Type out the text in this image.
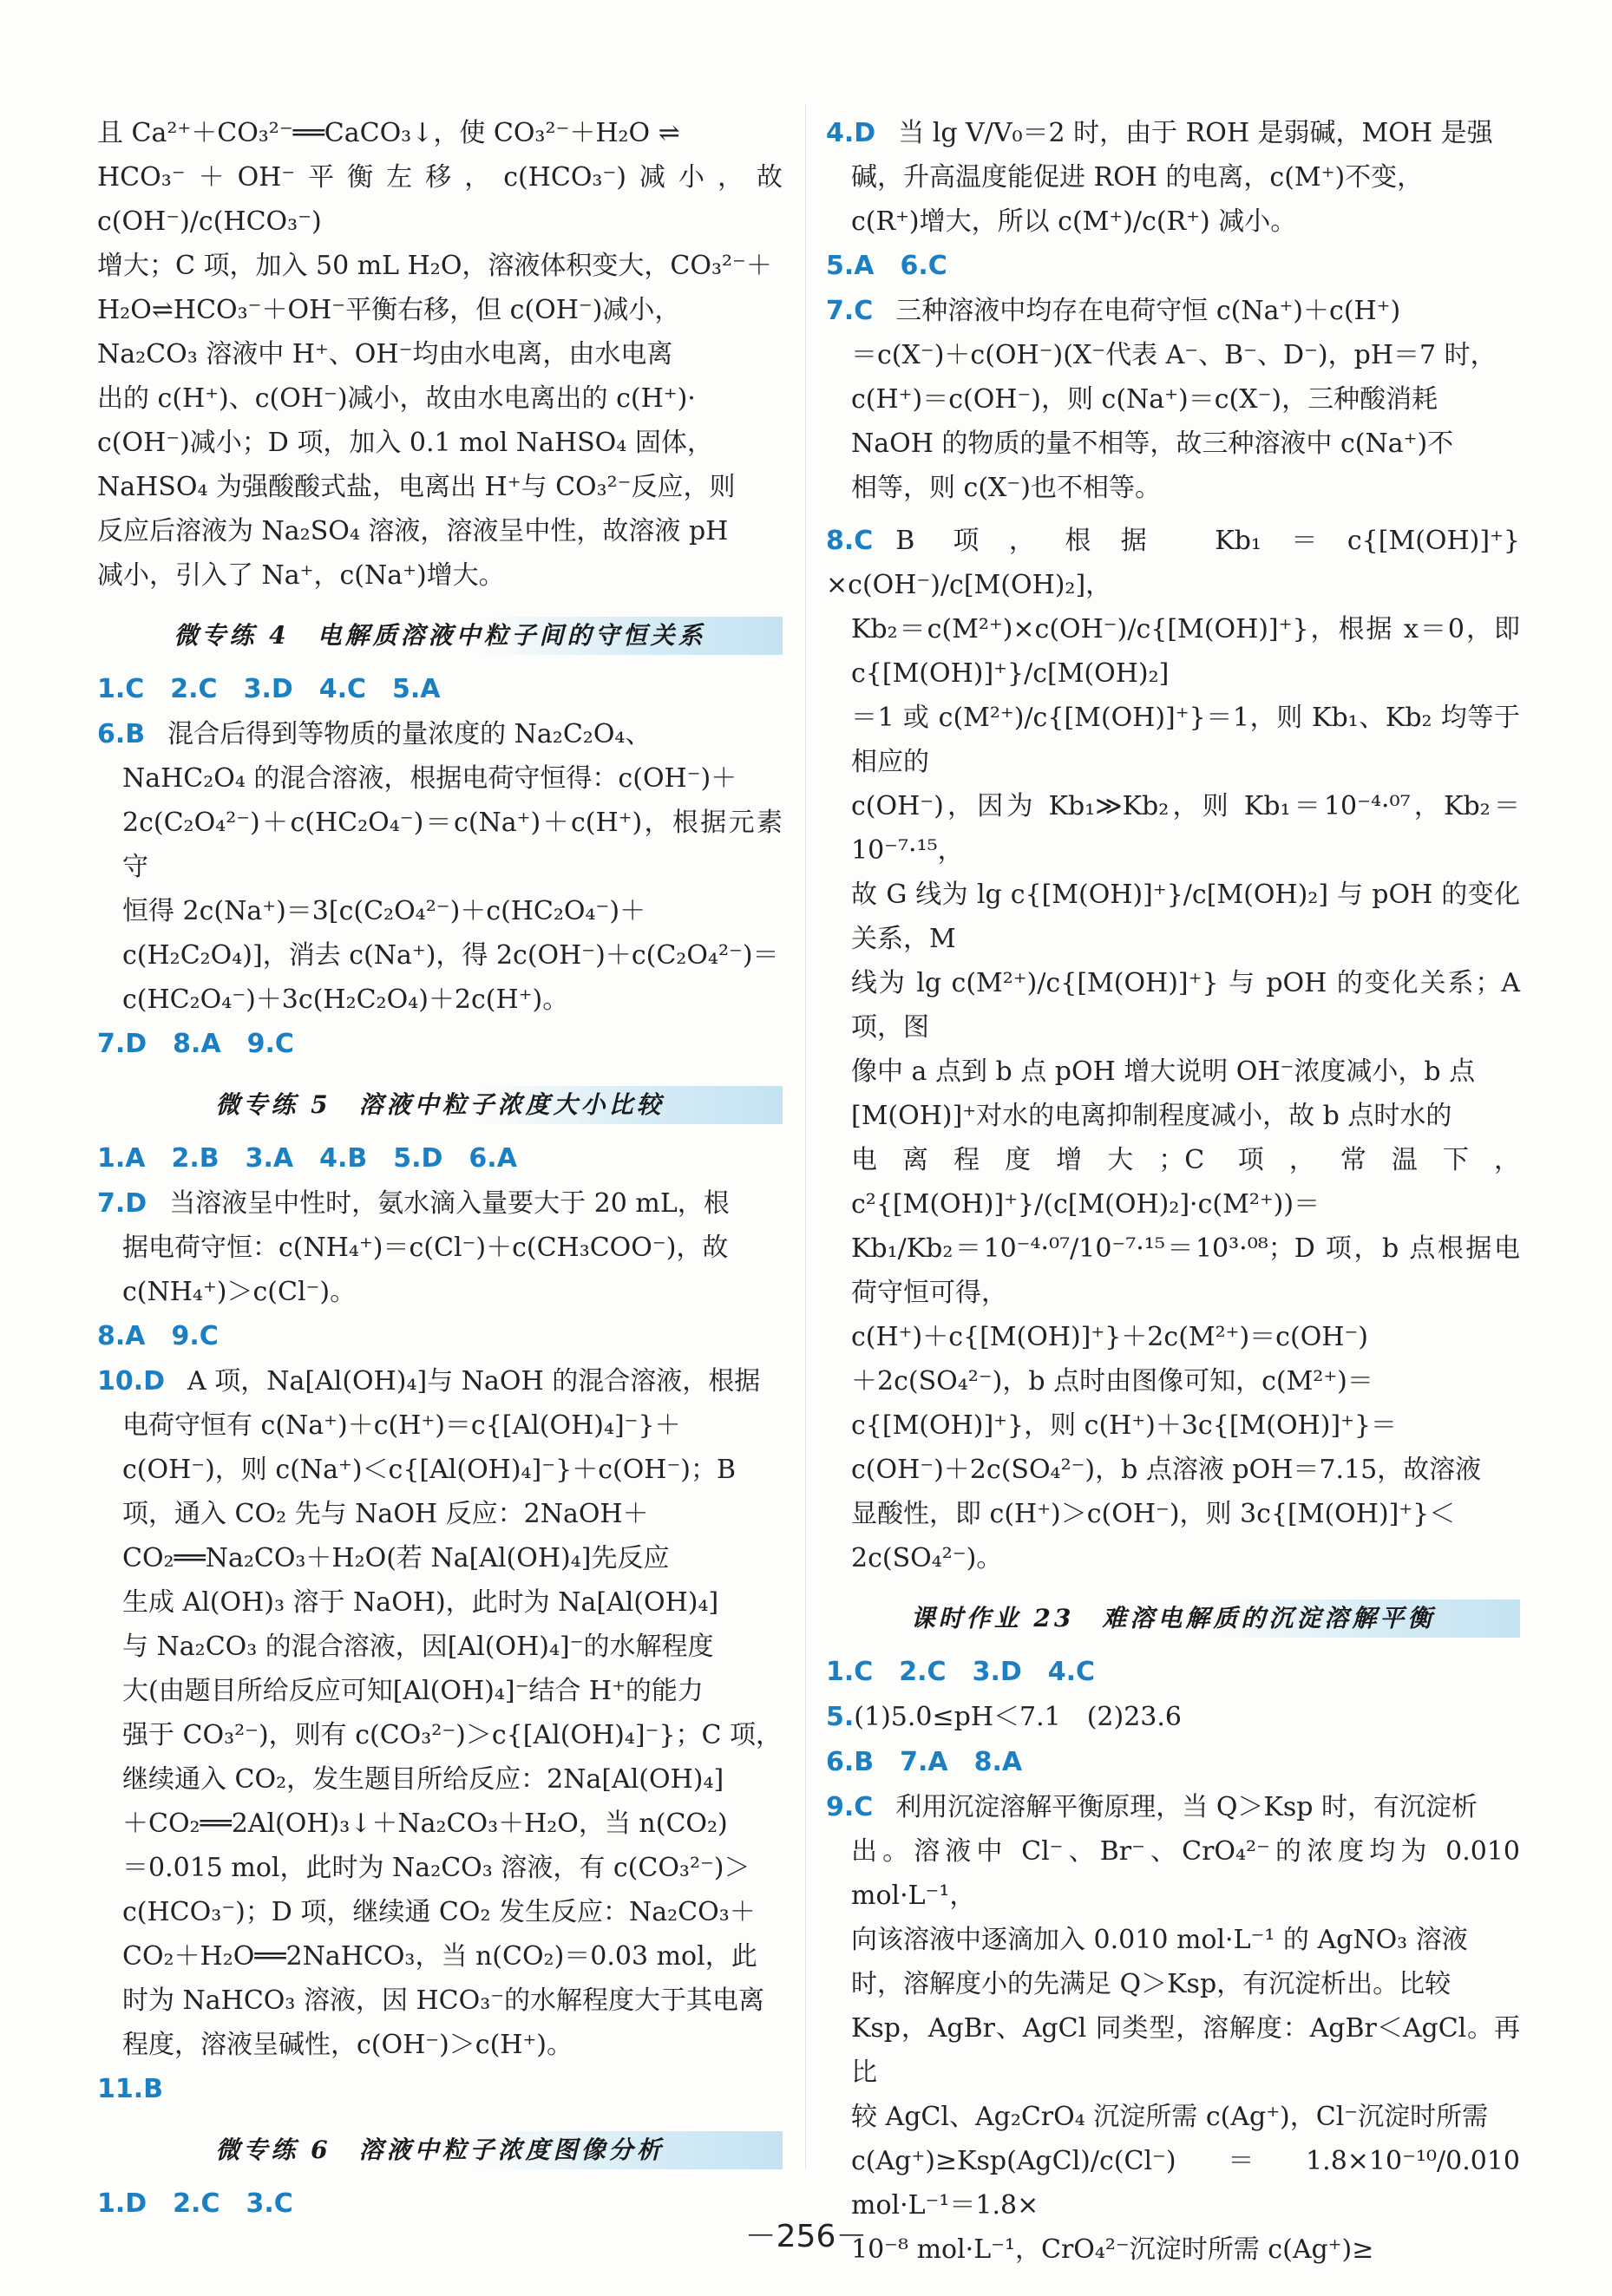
且 Ca²⁺＋CO₃²⁻══CaCO₃↓，使 CO₃²⁻＋H₂O ⇌

HCO₃⁻＋OH⁻平衡左移，c(HCO₃⁻)减小，故 c(OH⁻)/c(HCO₃⁻)

增大；C 项，加入 50 mL H₂O，溶液体积变大，CO₃²⁻＋

H₂O⇌HCO₃⁻＋OH⁻平衡右移，但 c(OH⁻)减小，

Na₂CO₃ 溶液中 H⁺、OH⁻均由水电离，由水电离

出的 c(H⁺)、c(OH⁻)减小，故由水电离出的 c(H⁺)·

c(OH⁻)减小；D 项，加入 0.1 mol NaHSO₄ 固体，

NaHSO₄ 为强酸酸式盐，电离出 H⁺与 CO₃²⁻反应，则

反应后溶液为 Na₂SO₄ 溶液，溶液呈中性，故溶液 pH

减小，引入了 Na⁺，c(Na⁺)增大。

微专练 4　电解质溶液中粒子间的守恒关系
1.C　2.C　3.D　4.C　5.A

6.B 混合后得到等物质的量浓度的 Na₂C₂O₄、

NaHC₂O₄ 的混合溶液，根据电荷守恒得：c(OH⁻)＋

2c(C₂O₄²⁻)＋c(HC₂O₄⁻)＝c(Na⁺)＋c(H⁺)，根据元素守

恒得 2c(Na⁺)＝3[c(C₂O₄²⁻)＋c(HC₂O₄⁻)＋

c(H₂C₂O₄)]，消去 c(Na⁺)，得 2c(OH⁻)＋c(C₂O₄²⁻)＝

c(HC₂O₄⁻)＋3c(H₂C₂O₄)＋2c(H⁺)。

7.D　8.A　9.C
微专练 5　溶液中粒子浓度大小比较
1.A　2.B　3.A　4.B　5.D　6.A

7.D 当溶液呈中性时，氨水滴入量要大于 20 mL，根

据电荷守恒：c(NH₄⁺)＝c(Cl⁻)＋c(CH₃COO⁻)，故

c(NH₄⁺)＞c(Cl⁻)。

8.A　9.C

10.D A 项，Na[Al(OH)₄]与 NaOH 的混合溶液，根据

电荷守恒有 c(Na⁺)＋c(H⁺)＝c{[Al(OH)₄]⁻}＋

c(OH⁻)，则 c(Na⁺)＜c{[Al(OH)₄]⁻}＋c(OH⁻)；B

项，通入 CO₂ 先与 NaOH 反应：2NaOH＋

CO₂══Na₂CO₃＋H₂O(若 Na[Al(OH)₄]先反应

生成 Al(OH)₃ 溶于 NaOH)，此时为 Na[Al(OH)₄]

与 Na₂CO₃ 的混合溶液，因[Al(OH)₄]⁻的水解程度

大(由题目所给反应可知[Al(OH)₄]⁻结合 H⁺的能力

强于 CO₃²⁻)，则有 c(CO₃²⁻)＞c{[Al(OH)₄]⁻}；C 项，

继续通入 CO₂，发生题目所给反应：2Na[Al(OH)₄]

＋CO₂══2Al(OH)₃↓＋Na₂CO₃＋H₂O，当 n(CO₂)

＝0.015 mol，此时为 Na₂CO₃ 溶液，有 c(CO₃²⁻)＞

c(HCO₃⁻)；D 项，继续通 CO₂ 发生反应：Na₂CO₃＋

CO₂＋H₂O══2NaHCO₃，当 n(CO₂)＝0.03 mol，此

时为 NaHCO₃ 溶液，因 HCO₃⁻的水解程度大于其电离

程度，溶液呈碱性，c(OH⁻)＞c(H⁺)。

11.B
微专练 6　溶液中粒子浓度图像分析
1.D　2.C　3.C

4.D 当 lg V/V₀＝2 时，由于 ROH 是弱碱，MOH 是强

碱，升高温度能促进 ROH 的电离，c(M⁺)不变，

c(R⁺)增大，所以 c(M⁺)/c(R⁺) 减小。

5.A　6.C

7.C 三种溶液中均存在电荷守恒 c(Na⁺)＋c(H⁺)

＝c(X⁻)＋c(OH⁻)(X⁻代表 A⁻、B⁻、D⁻)，pH＝7 时，

c(H⁺)＝c(OH⁻)，则 c(Na⁺)＝c(X⁻)，三种酸消耗

NaOH 的物质的量不相等，故三种溶液中 c(Na⁺)不

相等，则 c(X⁻)也不相等。

8.C B 项，根据 Kb₁＝c{[M(OH)]⁺}×c(OH⁻)/c[M(OH)₂]，

Kb₂＝c(M²⁺)×c(OH⁻)/c{[M(OH)]⁺}，根据 x＝0，即 c{[M(OH)]⁺}/c[M(OH)₂]

＝1 或 c(M²⁺)/c{[M(OH)]⁺}＝1，则 Kb₁、Kb₂ 均等于相应的

c(OH⁻)，因为 Kb₁≫Kb₂，则 Kb₁＝10⁻⁴·⁰⁷，Kb₂＝10⁻⁷·¹⁵，

故 G 线为 lg c{[M(OH)]⁺}/c[M(OH)₂] 与 pOH 的变化关系，M

线为 lg c(M²⁺)/c{[M(OH)]⁺} 与 pOH 的变化关系；A 项，图

像中 a 点到 b 点 pOH 增大说明 OH⁻浓度减小，b 点

[M(OH)]⁺对水的电离抑制程度减小，故 b 点时水的

电离程度增大；C 项，常温下，c²{[M(OH)]⁺}/(c[M(OH)₂]·c(M²⁺))＝

Kb₁/Kb₂＝10⁻⁴·⁰⁷/10⁻⁷·¹⁵＝10³·⁰⁸；D 项，b 点根据电荷守恒可得，

c(H⁺)＋c{[M(OH)]⁺}＋2c(M²⁺)＝c(OH⁻)

＋2c(SO₄²⁻)，b 点时由图像可知，c(M²⁺)＝

c{[M(OH)]⁺}，则 c(H⁺)＋3c{[M(OH)]⁺}＝

c(OH⁻)＋2c(SO₄²⁻)，b 点溶液 pOH＝7.15，故溶液

显酸性，即 c(H⁺)＞c(OH⁻)，则 3c{[M(OH)]⁺}＜

2c(SO₄²⁻)。

课时作业 23　难溶电解质的沉淀溶解平衡
1.C　2.C　3.D　4.C
5.(1)5.0≤pH＜7.1　(2)23.6
6.B　7.A　8.A

9.C 利用沉淀溶解平衡原理，当 Q＞Ksp 时，有沉淀析

出。溶液中 Cl⁻、Br⁻、CrO₄²⁻的浓度均为 0.010 mol·L⁻¹，

向该溶液中逐滴加入 0.010 mol·L⁻¹ 的 AgNO₃ 溶液

时，溶解度小的先满足 Q＞Ksp，有沉淀析出。比较

Ksp，AgBr、AgCl 同类型，溶解度：AgBr＜AgCl。再比

较 AgCl、Ag₂CrO₄ 沉淀所需 c(Ag⁺)，Cl⁻沉淀时所需

c(Ag⁺)≥Ksp(AgCl)/c(Cl⁻)＝1.8×10⁻¹⁰/0.010 mol·L⁻¹＝1.8×

10⁻⁸ mol·L⁻¹，CrO₄²⁻沉淀时所需 c(Ag⁺)≥

－256－
